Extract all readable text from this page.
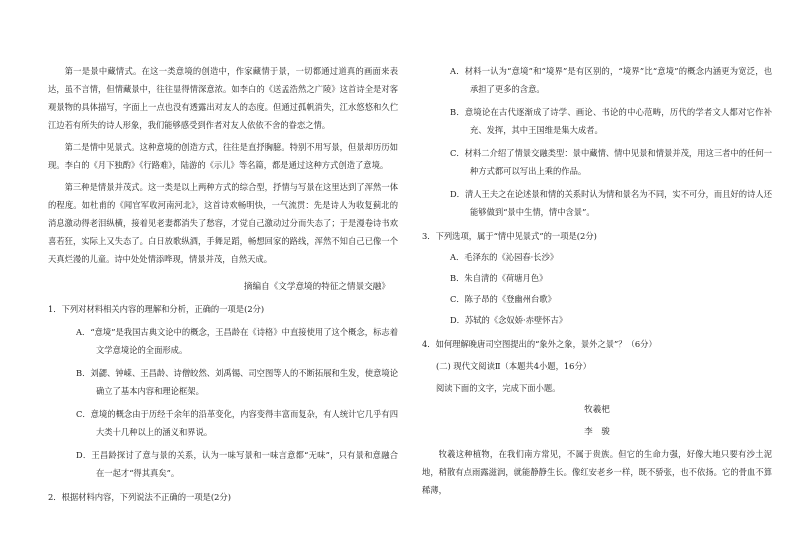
第一是景中藏情式。在这一类意境的创造中，作家藏情于景，一切都通过道真的画面来表达，虽不言情，但情藏景中，往往显得情深意浓。如李白的《送孟浩然之广陵》这首诗全是对客观景物的具体描写，字面上一点也没有透露出对友人的态度。但通过孤帆消失，江水悠悠和久伫江边若有所失的诗人形象，我们能够感受到作者对友人依依不舍的眷恋之情。

第二是情中见景式。这种意境的创造方式，往往是直抒胸臆。特别不用写景，但景却历历如现。李白的《月下独酌》《行路难》，陆游的《示儿》等名篇，都是通过这种方式创造了意境。

第三种是情景并茂式。这一类是以上两种方式的综合型，抒情与写景在这里达到了浑然一体的程度。如杜甫的《闻官军收河南河北》，这首诗欢畅明快，一气流贯：先是诗人为收复蓟北的消息激动得老泪纵横，接着见老妻都消失了愁容，才觉自己激动过分而失态了；于是漫卷诗书欢喜若狂，实际上又失态了。白日放歌纵酒，手舞足蹈，畅想回家的路线，浑然不知自己已像一个天真烂漫的儿童。诗中处处情添哗现，情景并茂，自然天成。

摘编自《文学意境的特征之情景交融》
1．下列对材料相关内容的理解和分析，正确的一项是(2分)
A．“意境”是我国古典文论中的概念，王昌龄在《诗格》中直接使用了这个概念，标志着文学意境论的全面形成。
B．刘勰、钟嵘、王昌龄、诗僧皎然、刘禹锡、司空图等人的不断拓展和生发，使意境论确立了基本内容和理论框架。
C．意境的概念由于历经千余年的沿革变化，内容变得丰富而复杂，有人统计它几乎有四大类十几种以上的涵义和界说。
D．王昌龄探讨了意与景的关系，认为一味写景和一味言意都“无味”，只有景和意融合在一起才“得其真矣”。
2．根据材料内容，下列说法不正确的一项是(2分)
A．材料一认为“意境”和“境界”是有区别的，“境界”比“意境”的概念内涵更为宽泛，也承担了更多的含意。
B．意境论在古代逐渐成了诗学、画论、书论的中心范畴，历代的学者文人都对它作补充、发挥，其中王国维是集大成者。
C．材料二介绍了情景交融类型：景中藏情、情中见景和情景并茂，用这三者中的任何一种方式都可以写出上乘的作品。
D．清人王夫之在论述景和情的关系时认为情和景名为不同，实不可分，而且好的诗人还能够做到“景中生情，情中含景”。
3．下列选项，属于“情中见景式”的一项是(2分)
A．毛泽东的《沁园春·长沙》
B．朱自清的《荷塘月色》
C．陈子昂的《登幽州台歌》
D．苏轼的《念奴娇·赤壁怀古》
4．如何理解晚唐司空图提出的“象外之象，景外之景”？（6分）
(二) 现代文阅读Ⅱ（本题共4小题，16分）
阅读下面的文字，完成下面小题。
牧羲杷
李　骏

牧羲这种植物，在我们南方常见，不属于贵族。但它的生命力强，好像大地只要有沙土泥地，稍散有点雨露滋润，就能静静生长。像红安老乡一样，既不骄张，也不依扬。它的骨血不算稀薄，
